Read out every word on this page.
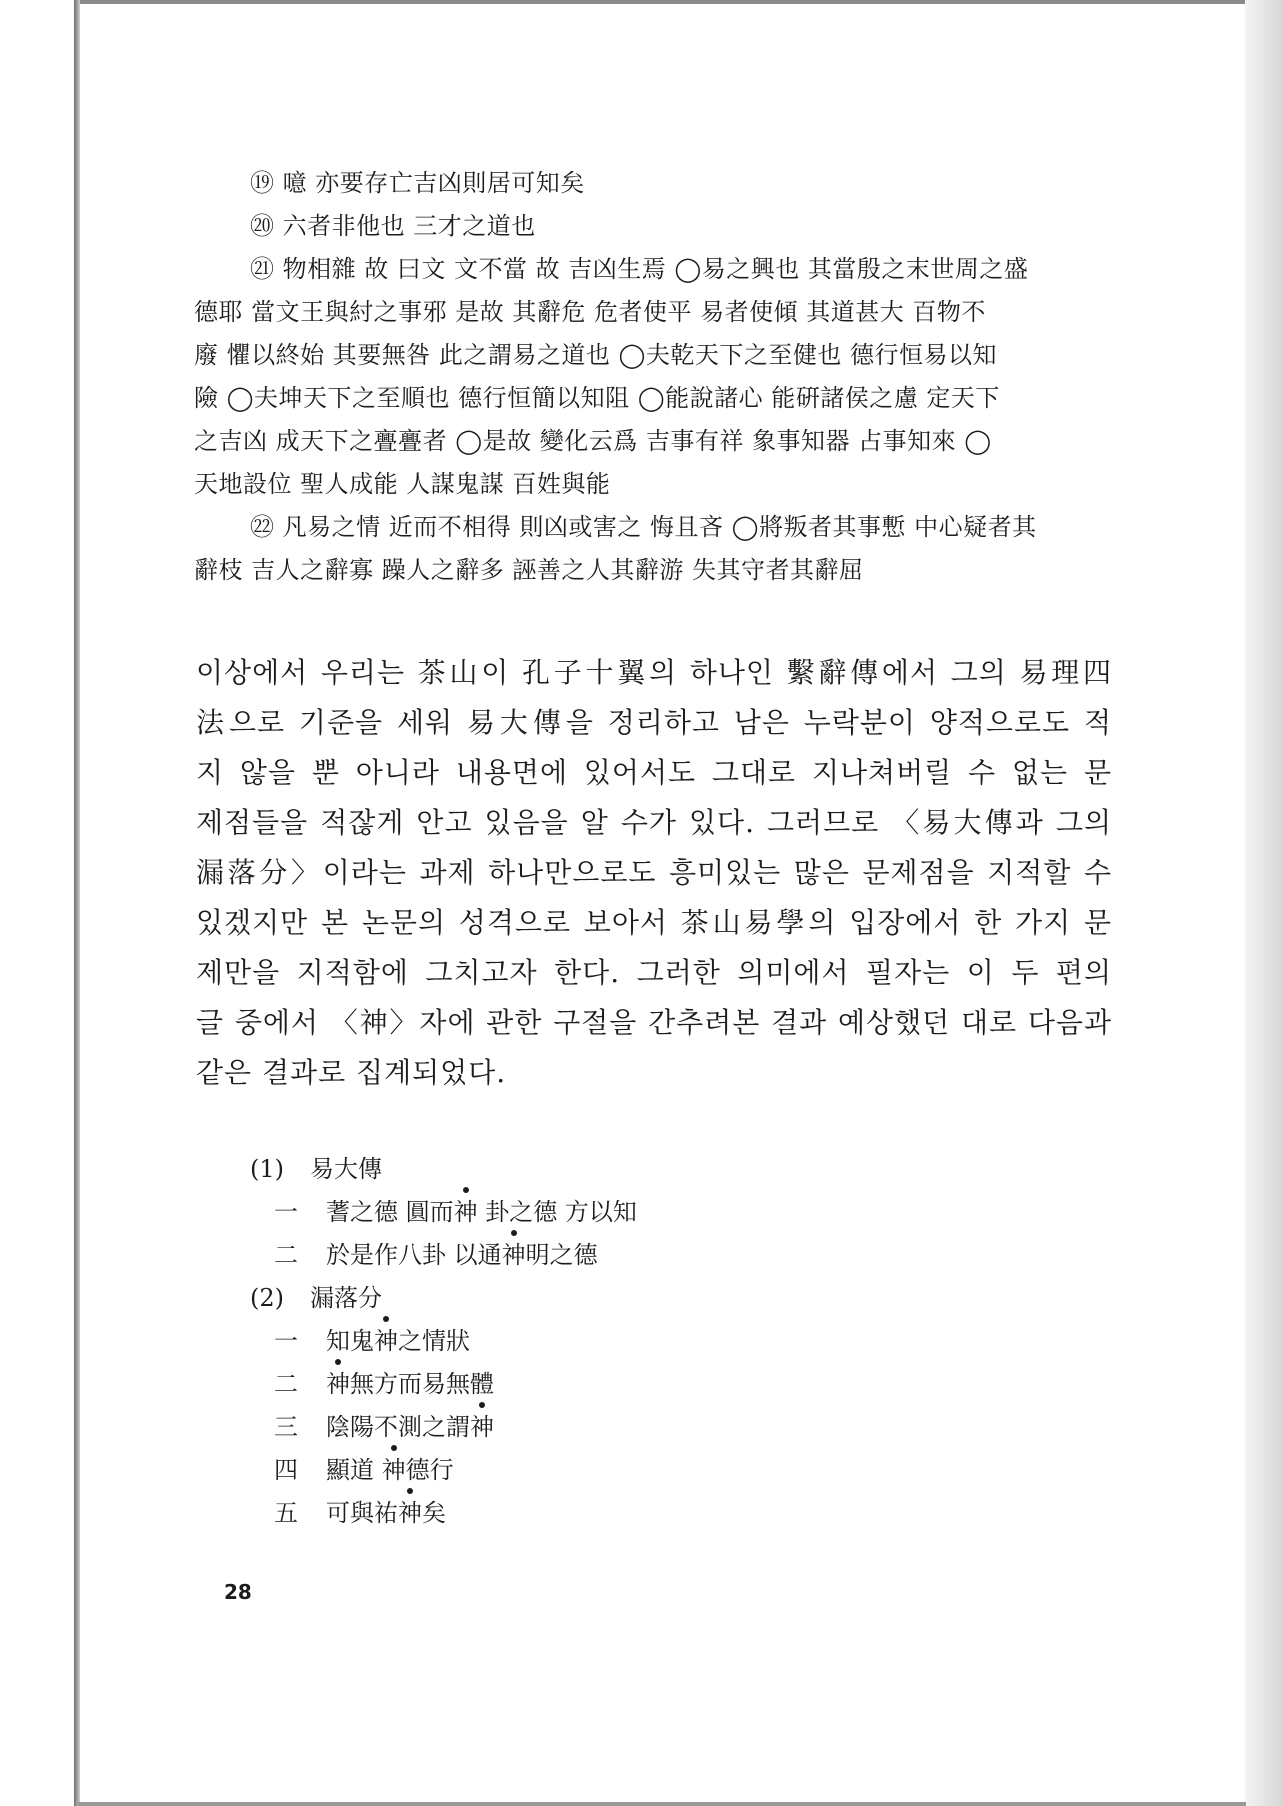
⑲ 噫 亦要存亡吉凶則居可知矣
⑳ 六者非他也 三才之道也
㉑ 物相雜 故 曰文 文不當 故 吉凶生焉 ◯易之興也 其當殷之末世周之盛
德耶 當文王與紂之事邪 是故 其辭危 危者使平 易者使傾 其道甚大 百物不
廢 懼以終始 其要無咎 此之謂易之道也 ◯夫乾天下之至健也 德行恒易以知
險 ◯夫坤天下之至順也 德行恒簡以知阻 ◯能說諸心 能硏諸侯之慮 定天下
之吉凶 成天下之亹亹者 ◯是故 變化云爲 吉事有祥 象事知器 占事知來 ◯
天地設位 聖人成能 人謀鬼謀 百姓與能
㉒ 凡易之情 近而不相得 則凶或害之 悔且吝 ◯將叛者其事慙 中心疑者其
辭枝 吉人之辭寡 躁人之辭多 誣善之人其辭游 失其守者其辭屈
이상에서 우리는 茶山이 孔子十翼의 하나인 繫辭傳에서 그의 易理四
法으로 기준을 세워 易大傳을 정리하고 남은 누락분이 양적으로도 적
지 않을 뿐 아니라 내용면에 있어서도 그대로 지나쳐버릴 수 없는 문
제점들을 적잖게 안고 있음을 알 수가 있다. 그러므로 〈易大傳과 그의
漏落分〉이라는 과제 하나만으로도 흥미있는 많은 문제점을 지적할 수
있겠지만 본 논문의 성격으로 보아서 茶山易學의 입장에서 한 가지 문
제만을 지적함에 그치고자 한다. 그러한 의미에서 필자는 이 두 편의
글 중에서 〈神〉자에 관한 구절을 간추려본 결과 예상했던 대로 다음과
같은 결과로 집계되었다.
(1) 易大傳
一 蓍之德 圓而神 卦之德 方以知
二 於是作八卦 以通神明之德
(2) 漏落分
一 知鬼神之情狀
二 神無方而易無體
三 陰陽不測之謂神
四 顯道 神德行
五 可與祐神矣
28
